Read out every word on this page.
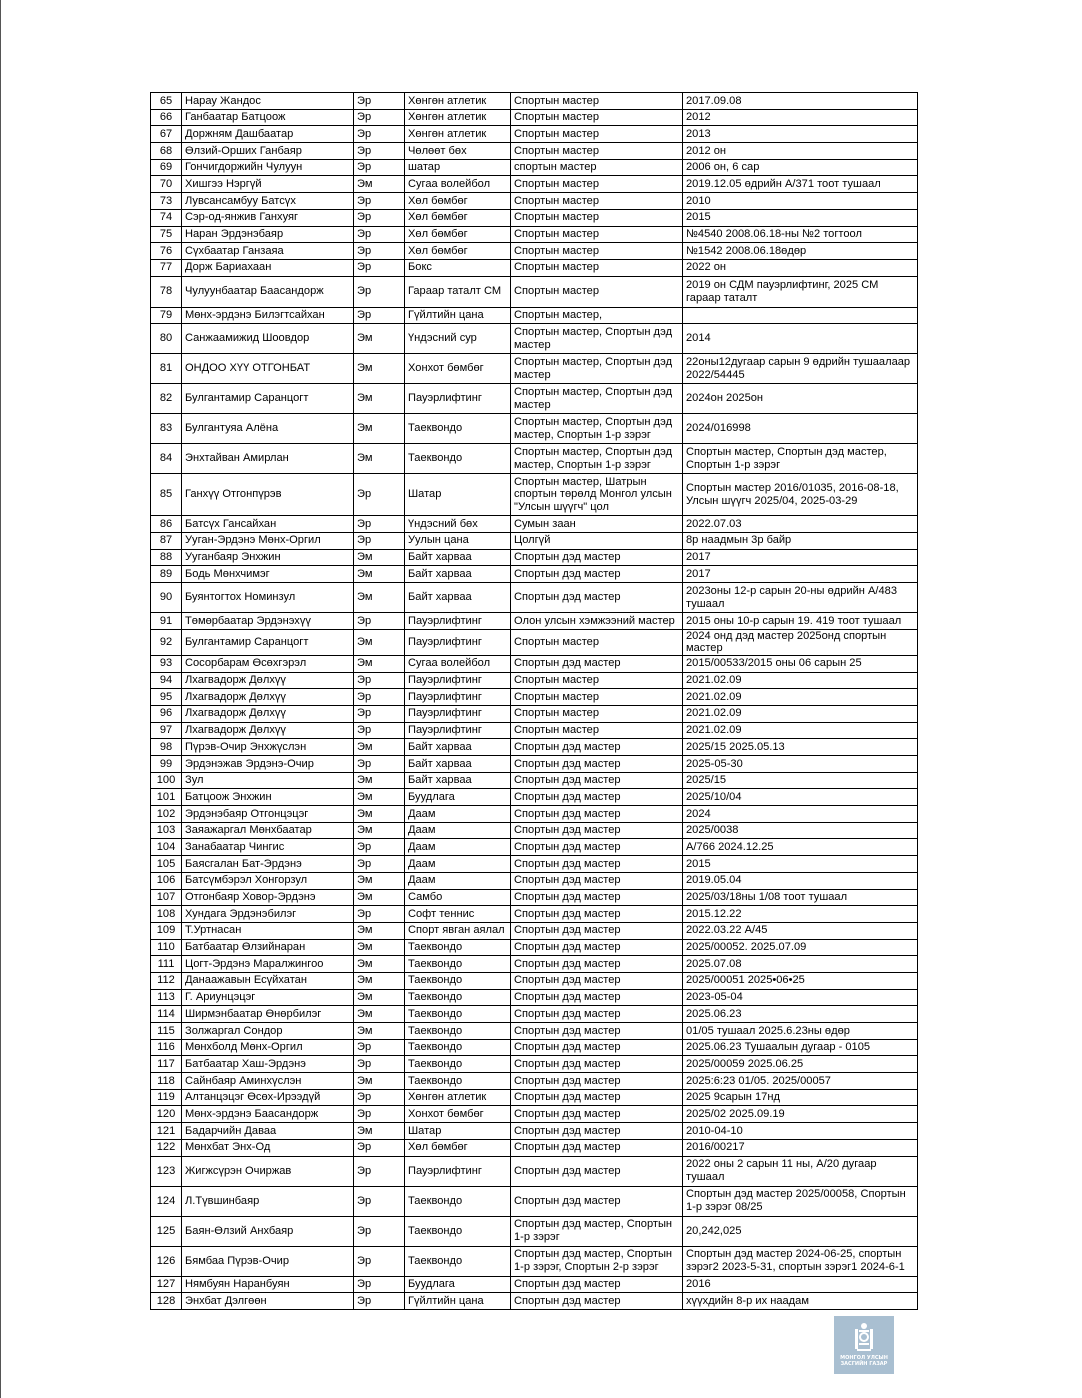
65	Нарау Жандос	Эр	Хөнгөн атлетик	Спортын мастер	2017.09.08
66	Ганбаатар Батцоож	Эр	Хөнгөн атлетик	Спортын мастер	2012
67	Доржням Дашбаатар	Эр	Хөнгөн атлетик	Спортын мастер	2013
68	Өлзий-Орших Ганбаяр	Эр	Чөлөөт бөх	Спортын мастер	2012 он
69	Гончигдоржийн Чулуун	Эр	шатар	спортын мастер	2006 он, 6 сар
70	Хишгээ Нэргүй	Эм	Сугаа волейбол	Спортын мастер	2019.12.05 өдрийн А/371 тоот тушаал
73	Лувсансамбуу Батсүх	Эр	Хөл бөмбөг	Спортын мастер	2010
74	Сэр-од-янжив Ганхуяг	Эр	Хөл бөмбөг	Спортын мастер	2015
75	Наран Эрдэнэбаяр	Эр	Хөл бөмбөг	Спортын мастер	№4540 2008.06.18-ны №2 тогтоол
76	Сүхбаатар Ганзаяа	Эр	Хөл бөмбөг	Спортын мастер	№1542 2008.06.18өдөр
77	Дорж Бариахаан	Эр	Бокс	Спортын мастер	2022 он
78	Чулуунбаатар Баасандорж	Эр	Гараар таталт СМ	Спортын мастер	2019 он СДМ пауэрлифтинг, 2025 СМ гараар таталт
79	Мөнх-эрдэнэ Билэгтсайхан	Эр	Гүйлтийн цана	Спортын мастер,	
80	Санжаамижид Шоовдор	Эм	Үндэсний сур	Спортын мастер, Спортын дэд мастер	2014
81	ОНДОО ХҮҮ ОТГОНБАТ	Эм	Хонхот бөмбөг	Спортын мастер, Спортын дэд мастер	22оны12дугаар сарын 9 өдрийн тушаалаар 2022/54445
82	Булгантамир Саранцогт	Эм	Пауэрлифтинг	Спортын мастер, Спортын дэд мастер	2024он 2025он
83	Булгантуяа Алёна	Эм	Таеквондо	Спортын мастер, Спортын дэд мастер, Спортын 1-р зэрэг	2024/016998
84	Энхтайван Амирлан	Эм	Таеквондо	Спортын мастер, Спортын дэд мастер, Спортын 1-р зэрэг	Спортын мастер, Спортын дэд мастер, Спортын 1-р зэрэг
85	Ганхүү Отгонпүрэв	Эр	Шатар	Спортын мастер, Шатрын спортын төрөлд Монгол улсын "Улсын шүүгч" цол	Спортын мастер 2016/01035, 2016-08-18, Улсын шүүгч 2025/04, 2025-03-29
86	Батсүх Гансайхан	Эр	Үндэсний бөх	Сумын заан	2022.07.03
87	Ууган-Эрдэнэ Мөнх-Оргил	Эр	Уулын цана	Цолгүй	8р наадмын 3р байр
88	Ууганбаяр Энхжин	Эм	Байт харваа	Спортын дэд мастер	2017
89	Бодь Мөнхчимэг	Эм	Байт харваа	Спортын дэд мастер	2017
90	Буянтогтох Номинзул	Эм	Байт харваа	Спортын дэд мастер	2023оны 12-р сарын 20-ны өдрийн А/483 тушаал
91	Төмөрбаатар Эрдэнэхүү	Эр	Пауэрлифтинг	Олон улсын хэмжээний мастер	2015 оны 10-р сарын 19. 419 тоот тушаал
92	Булгантамир Саранцогт	Эм	Пауэрлифтинг	Спортын мастер	2024 онд дэд мастер 2025онд спортын мастер
93	Сосорбарам Өсөхгэрэл	Эм	Сугаа волейбол	Спортын дэд мастер	2015/00533/2015 оны 06 сарын 25
94	Лхагвадорж Дөлхүү	Эр	Пауэрлифтинг	Спортын мастер	2021.02.09
95	Лхагвадорж Дөлхүү	Эр	Пауэрлифтинг	Спортын мастер	2021.02.09
96	Лхагвадорж Дөлхүү	Эр	Пауэрлифтинг	Спортын мастер	2021.02.09
97	Лхагвадорж Дөлхүү	Эр	Пауэрлифтинг	Спортын мастер	2021.02.09
98	Пүрэв-Очир Энхжүслэн	Эм	Байт харваа	Спортын дэд мастер	2025/15 2025.05.13
99	Эрдэнэжав Эрдэнэ-Очир	Эр	Байт харваа	Спортын дэд мастер	2025-05-30
100	Зул	Эм	Байт харваа	Спортын дэд мастер	2025/15
101	Батцоож Энхжин	Эм	Буудлага	Спортын дэд мастер	2025/10/04
102	Эрдэнэбаяр Отгонцэцэг	Эм	Даам	Спортын дэд мастер	2024
103	Заяажаргал Мөнхбаатар	Эм	Даам	Спортын дэд мастер	2025/0038
104	Занабаатар Чингис	Эр	Даам	Спортын дэд мастер	А/766 2024.12.25
105	Баясгалан Бат-Эрдэнэ	Эр	Даам	Спортын дэд мастер	2015
106	Батсүмбэрэл Хонгорзул	Эм	Даам	Спортын дэд мастер	2019.05.04
107	Отгонбаяр Ховор-Эрдэнэ	Эм	Самбо	Спортын дэд мастер	2025/03/18ны 1/08 тоот тушаал
108	Хундага Эрдэнэбилэг	Эр	Софт теннис	Спортын дэд мастер	2015.12.22
109	Т.Уртнасан	Эм	Спорт явган аялал	Спортын дэд мастер	2022.03.22 А/45
110	Батбаатар Өлзийнаран	Эм	Таеквондо	Спортын дэд мастер	2025/00052. 2025.07.09
111	Цогт-Эрдэнэ Маралжингоо	Эм	Таеквондо	Спортын дэд мастер	2025.07.08
112	Данаажавын Есүйхатан	Эм	Таеквондо	Спортын дэд мастер	2025/00051 2025•06•25
113	Г. Ариунцэцэг	Эм	Таеквондо	Спортын дэд мастер	2023-05-04
114	Ширмэнбаатар Өнөрбилэг	Эм	Таеквондо	Спортын дэд мастер	2025.06.23
115	Золжаргал Сондор	Эм	Таеквондо	Спортын дэд мастер	01/05 тушаал 2025.6.23ны өдөр
116	Мөнхболд Мөнх-Оргил	Эр	Таеквондо	Спортын дэд мастер	2025.06.23 Тушаалын дугаар - 0105
117	Батбаатар Хаш-Эрдэнэ	Эр	Таеквондо	Спортын дэд мастер	2025/00059 2025.06.25
118	Сайнбаяр Аминхүслэн	Эм	Таеквондо	Спортын дэд мастер	2025:6:23 01/05. 2025/00057
119	Алтанцэцэг Өсөх-Ирээдүй	Эр	Хөнгөн атлетик	Спортын дэд мастер	2025 9сарын 17нд
120	Мөнх-эрдэнэ Баасандорж	Эр	Хонхот бөмбөг	Спортын дэд мастер	2025/02 2025.09.19
121	Бадарчийн Даваа	Эм	Шатар	Спортын дэд мастер	2010-04-10
122	Мөнхбат Энх-Од	Эр	Хөл бөмбөг	Спортын дэд мастер	2016/00217
123	Жигжсүрэн Очиржав	Эр	Пауэрлифтинг	Спортын дэд мастер	2022 оны 2 сарын 11 ны, А/20 дугаар тушаал
124	Л.Түвшинбаяр	Эр	Таеквондо	Спортын дэд мастер	Спортын дэд мастер 2025/00058, Спортын 1-р зэрэг 08/25
125	Баян-Өлзий Анхбаяр	Эр	Таеквондо	Спортын дэд мастер, Спортын 1-р зэрэг	20,242,025
126	Бямбаа Пүрэв-Очир	Эр	Таеквондо	Спортын дэд мастер, Спортын 1-р зэрэг, Спортын 2-р зэрэг	Спортын дэд мастер 2024-06-25, спортын зэрэг2 2023-5-31, спортын зэрэг1 2024-6-1
127	Нямбуян Наранбуян	Эр	Буудлага	Спортын дэд мастер	2016
128	Энхбат Дэлгөөн	Эр	Гүйлтийн цана	Спортын дэд мастер	хүүхдийн 8-р их наадам
МОНГОЛ УЛСЫН
ЗАСГИЙН ГАЗАР
